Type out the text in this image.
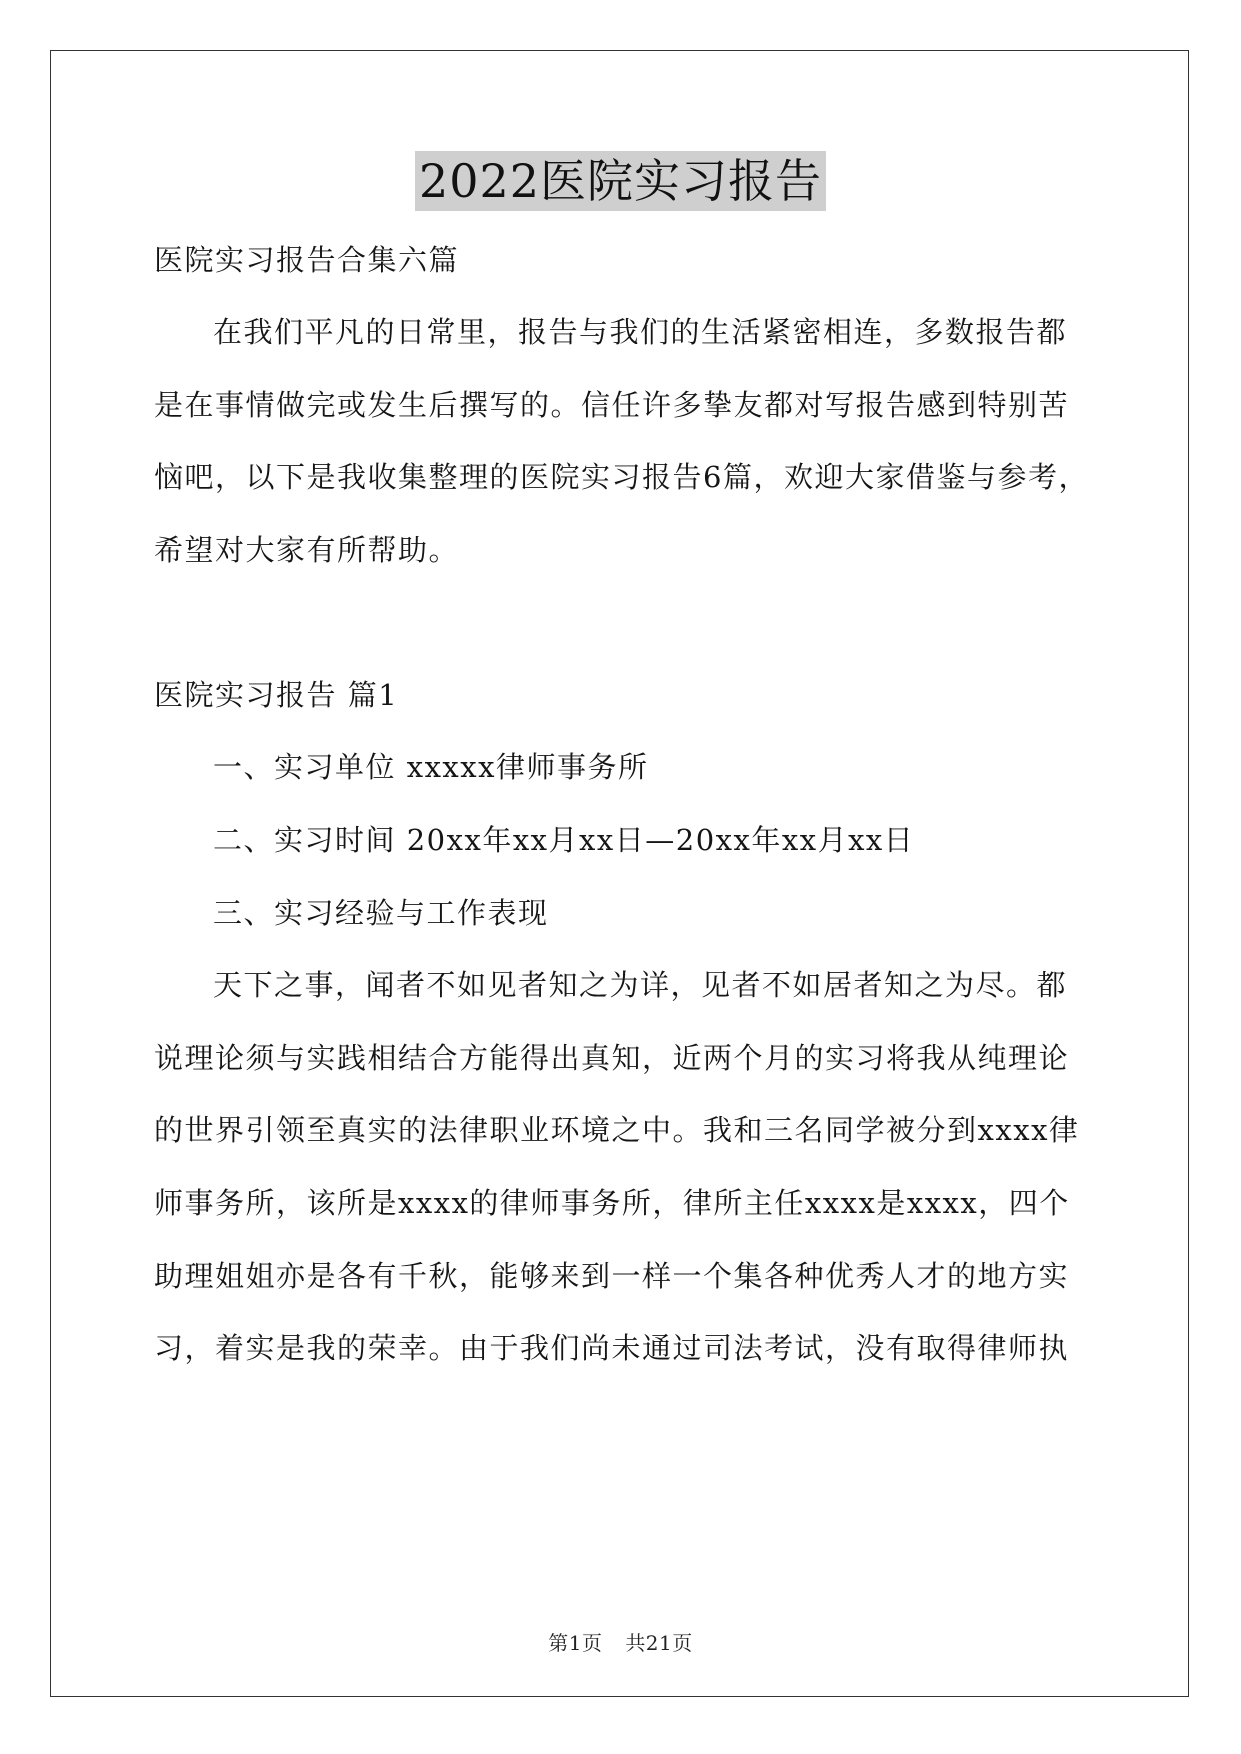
2022医院实习报告
医院实习报告合集六篇
在我们平凡的日常里，报告与我们的生活紧密相连，多数报告都
是在事情做完或发生后撰写的。信任许多挚友都对写报告感到特别苦
恼吧，以下是我收集整理的医院实习报告6篇，欢迎大家借鉴与参考，
希望对大家有所帮助。
医院实习报告 篇1
一、实习单位 xxxxx律师事务所
二、实习时间 20xx年xx月xx日—20xx年xx月xx日
三、实习经验与工作表现
天下之事，闻者不如见者知之为详，见者不如居者知之为尽。都
说理论须与实践相结合方能得出真知，近两个月的实习将我从纯理论
的世界引领至真实的法律职业环境之中。我和三名同学被分到xxxx律
师事务所，该所是xxxx的律师事务所，律所主任xxxx是xxxx，四个
助理姐姐亦是各有千秋，能够来到一样一个集各种优秀人才的地方实
习，着实是我的荣幸。由于我们尚未通过司法考试，没有取得律师执
第1页 共21页
